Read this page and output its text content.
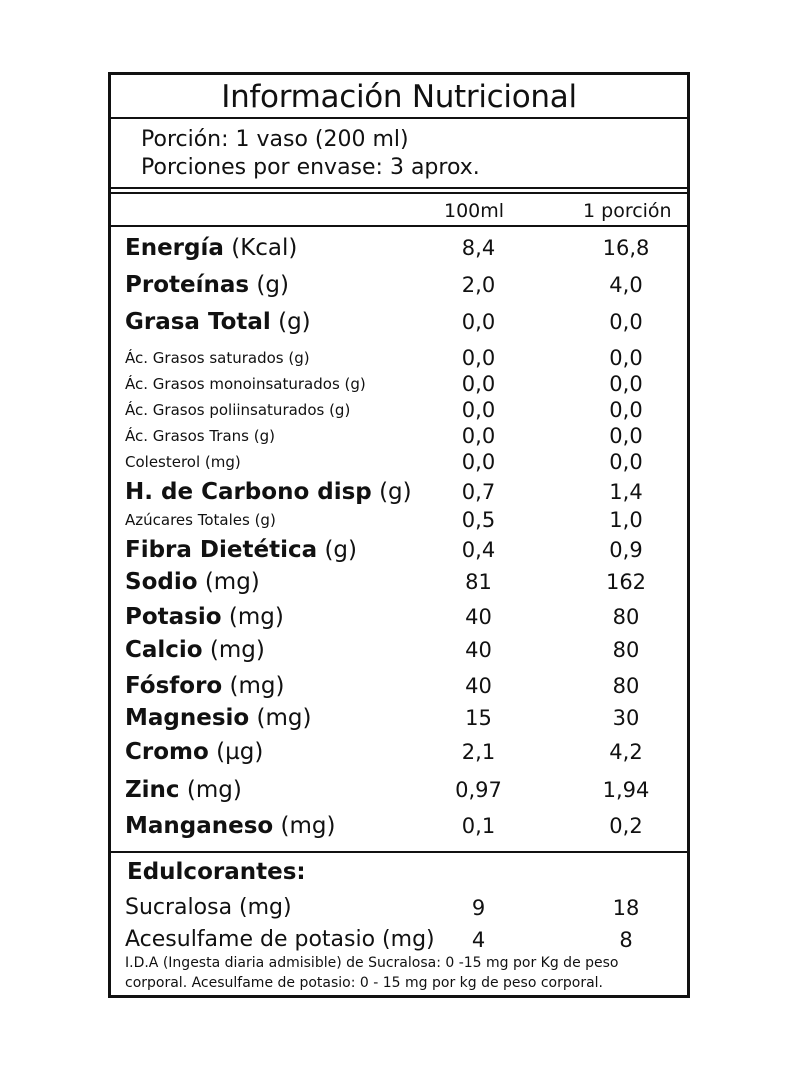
Información Nutricional
Porción: 1 vaso (200 ml)
Porciones por envase: 3 aprox.
100ml	1 porción
Energía (Kcal)	8,4	16,8
Proteínas (g)	2,0	4,0
Grasa Total (g)	0,0	0,0
Ác. Grasos saturados (g)	0,0	0,0
Ác. Grasos monoinsaturados (g)	0,0	0,0
Ác. Grasos poliinsaturados (g)	0,0	0,0
Ác. Grasos Trans (g)	0,0	0,0
Colesterol (mg)	0,0	0,0
H. de Carbono disp (g)	0,7	1,4
Azúcares Totales (g)	0,5	1,0
Fibra Dietética (g)	0,4	0,9
Sodio (mg)	81	162
Potasio (mg)	40	80
Calcio (mg)	40	80
Fósforo (mg)	40	80
Magnesio (mg)	15	30
Cromo (µg)	2,1	4,2
Zinc (mg)	0,97	1,94
Manganeso (mg)	0,1	0,2
Edulcorantes:
Sucralosa (mg)	9	18
Acesulfame de potasio (mg)	4	8
I.D.A (Ingesta diaria admisible) de Sucralosa: 0 -15 mg por Kg de peso corporal. Acesulfame de potasio: 0 - 15 mg por kg de peso corporal.
